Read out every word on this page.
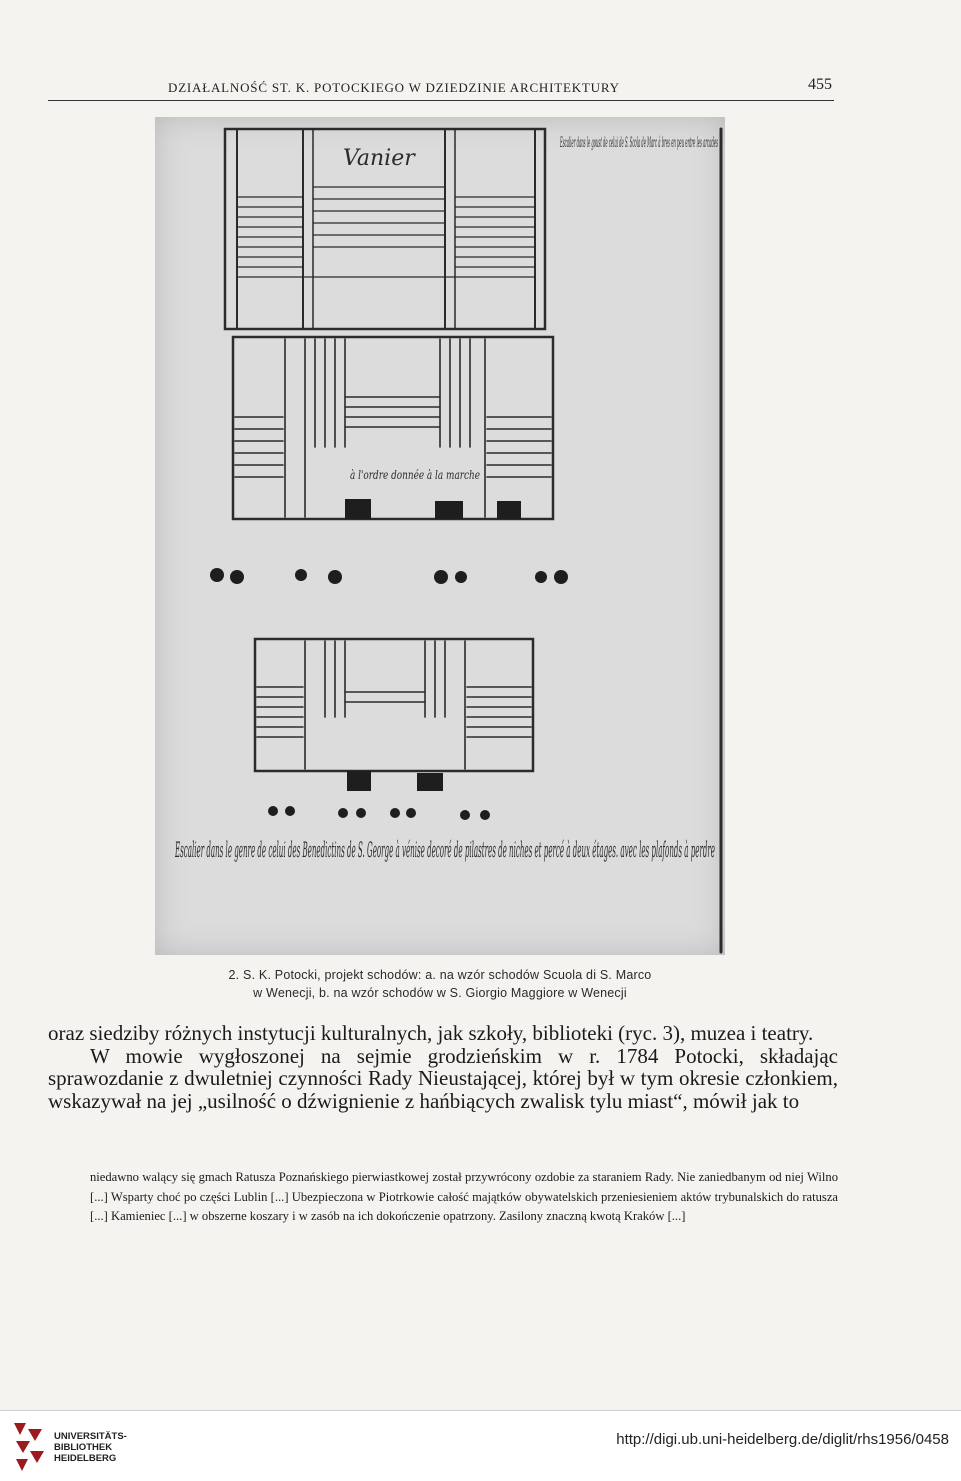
DZIAŁALNOŚĆ ST. K. POTOCKIEGO W DZIEDZINIE ARCHITEKTURY	455
Vanier
Escalier dans le goust de celui de S. Scola de Marc à bres en peu entre les arcades
à l'ordre donnée à la marche
Escalier dans le genre de celui des Benedictins de S. George à vénise decoré de pilastres de niches et percé à deux étages. avec les plafonds à perdre
2. S. K. Potocki, projekt schodów: a. na wzór schodów Scuola di S. Marco
w Wenecji, b. na wzór schodów w S. Giorgio Maggiore w Wenecji

oraz siedziby różnych instytucji kulturalnych, jak szkoły, biblioteki (ryc. 3), muzea i teatry.

W mowie wygłoszonej na sejmie grodzieńskim w r. 1784 Potocki, składając sprawozdanie z dwuletniej czynności Rady Nieustającej, której był w tym okresie członkiem, wskazywał na jej „usilność o dźwignienie z hańbiących zwalisk tylu miast“, mówił jak to

niedawno walący się gmach Ratusza Poznańskiego pierwiastkowej został przywrócony ozdobie za staraniem Rady. Nie zaniedbanym od niej Wilno [...] Wsparty choć po części Lublin [...] Ubezpieczona w Piotrkowie całość majątków obywatelskich przeniesieniem aktów trybunalskich do ratusza [...] Kamieniec [...] w obszerne koszary i w zasób na ich dokończenie opatrzony. Zasilony znaczną kwotą Kraków [...]

UNIVERSITÄTS-
BIBLIOTHEK
HEIDELBERG
http://digi.ub.uni-heidelberg.de/diglit/rhs1956/0458
